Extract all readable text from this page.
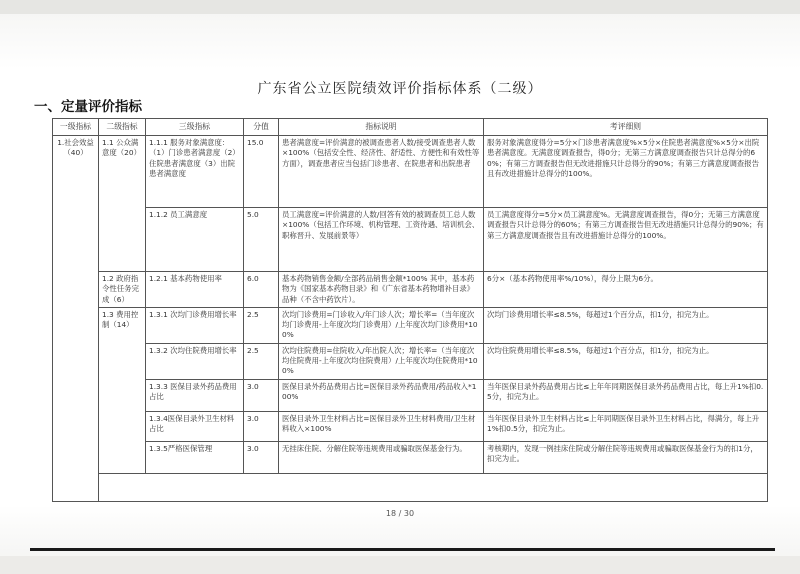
广东省公立医院绩效评价指标体系（二级）
一、定量评价指标
一级指标	二级指标	三级指标	分值	指标说明	考评细则
1.社会效益（40）	1.1 公众满意度（20）	1.1.1 服务对象满意度：（1）门诊患者满意度（2）住院患者满意度（3）出院患者满意度	15.0	患者满意度=评价满意的被调查患者人数/接受调查患者人数×100%（包括安全性、经济性、舒适性、方便性和有效性等方面），调查患者应当包括门诊患者、在院患者和出院患者	服务对象满意度得分=5分×门诊患者满意度%×5分×住院患者满意度%×5分×出院患者满意度。无满意度调查报告，得0分；无第三方满意度调查报告只计总得分的60%；有第三方调查报告但无改进措施只计总得分的90%；有第三方满意度调查报告且有改进措施计总得分的100%。
		1.1.2 员工满意度	5.0	员工满意度=评价满意的人数/回答有效的被调查员工总人数×100%（包括工作环境、机构管理、工资待遇、培训机会、职称晋升、发展前景等）	员工满意度得分=5分×员工满意度%。无满意度调查报告，得0分；无第三方满意度调查报告只计总得分的60%；有第三方调查报告但无改进措施只计总得分的90%；有第三方满意度调查报告且有改进措施计总得分的100%。
	1.2 政府指令性任务完成（6）	1.2.1 基本药物使用率	6.0	基本药物销售金额/全部药品销售金额*100% 其中，基本药物为《国家基本药物目录》和《广东省基本药物增补目录》品种（不含中药饮片）。	6分×（基本药物使用率%/10%），得分上限为6分。
	1.3 费用控制（14）	1.3.1 次均门诊费用增长率	2.5	次均门诊费用=门诊收入/年门诊人次；增长率=（当年度次均门诊费用-上年度次均门诊费用）/上年度次均门诊费用*100%	次均门诊费用增长率≤8.5%，每超过1个百分点，扣1分，扣完为止。
		1.3.2 次均住院费用增长率	2.5	次均住院费用=住院收入/年出院人次；增长率=（当年度次均住院费用-上年度次均住院费用）/上年度次均住院费用*100%	次均住院费用增长率≤8.5%，每超过1个百分点，扣1分，扣完为止。
		1.3.3 医保目录外药品费用占比	3.0	医保目录外药品费用占比=医保目录外药品费用/药品收入*100%	当年医保目录外药品费用占比≤上年年同期医保目录外药品费用占比，每上升1%扣0.5分，扣完为止。
		1.3.4医保目录外卫生材料占比	3.0	医保目录外卫生材料占比=医保目录外卫生材料费用/卫生材料收入×100%	当年医保目录外卫生材料占比≤上年同期医保目录外卫生材料占比，得满分，每上升1%扣0.5分，扣完为止。
		1.3.5严格医保管理	3.0	无挂床住院、分解住院等违规费用或骗取医保基金行为。	考核期内，发现一例挂床住院或分解住院等违规费用或骗取医保基金行为的扣1分，扣完为止。

18 / 30
